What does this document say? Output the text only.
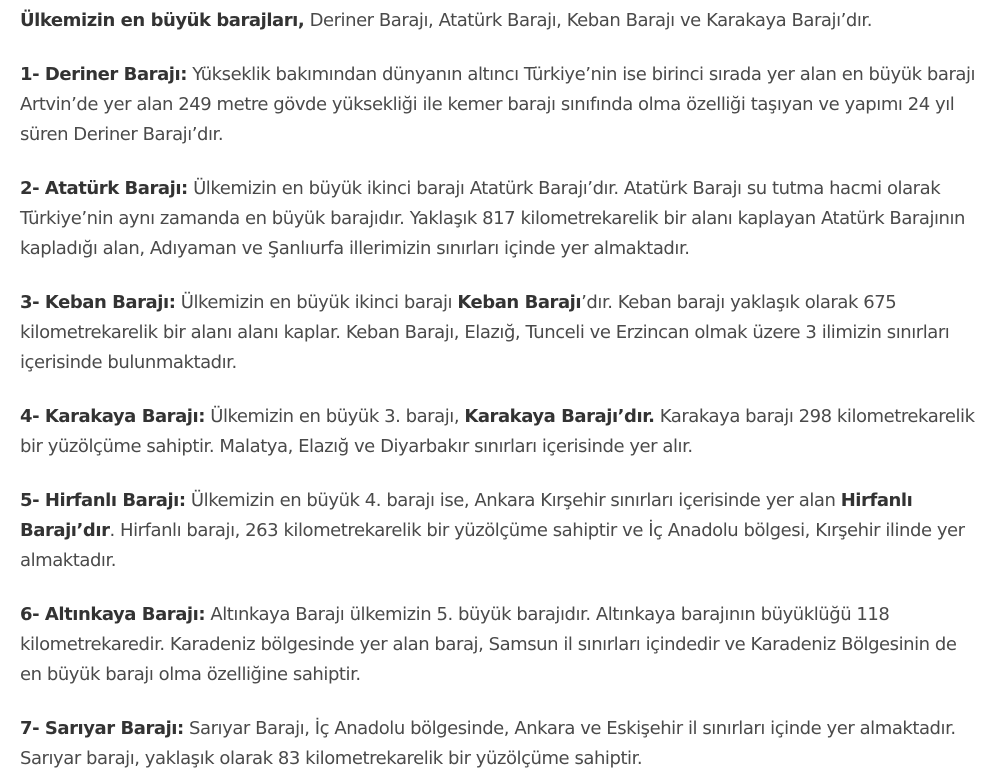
Ülkemizin en büyük barajları, Deriner Barajı, Atatürk Barajı, Keban Barajı ve Karakaya Barajı’dır.

1- Deriner Barajı: Yükseklik bakımından dünyanın altıncı Türkiye’nin ise birinci sırada yer alan en büyük barajı Artvin’de yer alan 249 metre gövde yüksekliği ile kemer barajı sınıfında olma özelliği taşıyan ve yapımı 24 yıl süren Deriner Barajı’dır.

2- Atatürk Barajı: Ülkemizin en büyük ikinci barajı Atatürk Barajı’dır. Atatürk Barajı su tutma hacmi olarak Türkiye’nin aynı zamanda en büyük barajıdır. Yaklaşık 817 kilometrekarelik bir alanı kaplayan Atatürk Barajının kapladığı alan, Adıyaman ve Şanlıurfa illerimizin sınırları içinde yer almaktadır.

3- Keban Barajı: Ülkemizin en büyük ikinci barajı Keban Barajı’dır. Keban barajı yaklaşık olarak 675 kilometrekarelik bir alanı alanı kaplar. Keban Barajı, Elazığ, Tunceli ve Erzincan olmak üzere 3 ilimizin sınırları içerisinde bulunmaktadır.

4- Karakaya Barajı: Ülkemizin en büyük 3. barajı, Karakaya Barajı’dır. Karakaya barajı 298 kilometrekarelik bir yüzölçüme sahiptir. Malatya, Elazığ ve Diyarbakır sınırları içerisinde yer alır.

5- Hirfanlı Barajı: Ülkemizin en büyük 4. barajı ise, Ankara Kırşehir sınırları içerisinde yer alan Hirfanlı Barajı’dır. Hirfanlı barajı, 263 kilometrekarelik bir yüzölçüme sahiptir ve İç Anadolu bölgesi, Kırşehir ilinde yer almaktadır.

6- Altınkaya Barajı: Altınkaya Barajı ülkemizin 5. büyük barajıdır. Altınkaya barajının büyüklüğü 118 kilometrekaredir. Karadeniz bölgesinde yer alan baraj, Samsun il sınırları içindedir ve Karadeniz Bölgesinin de en büyük barajı olma özelliğine sahiptir.

7- Sarıyar Barajı: Sarıyar Barajı, İç Anadolu bölgesinde, Ankara ve Eskişehir il sınırları içinde yer almaktadır. Sarıyar barajı, yaklaşık olarak 83 kilometrekarelik bir yüzölçüme sahiptir.
